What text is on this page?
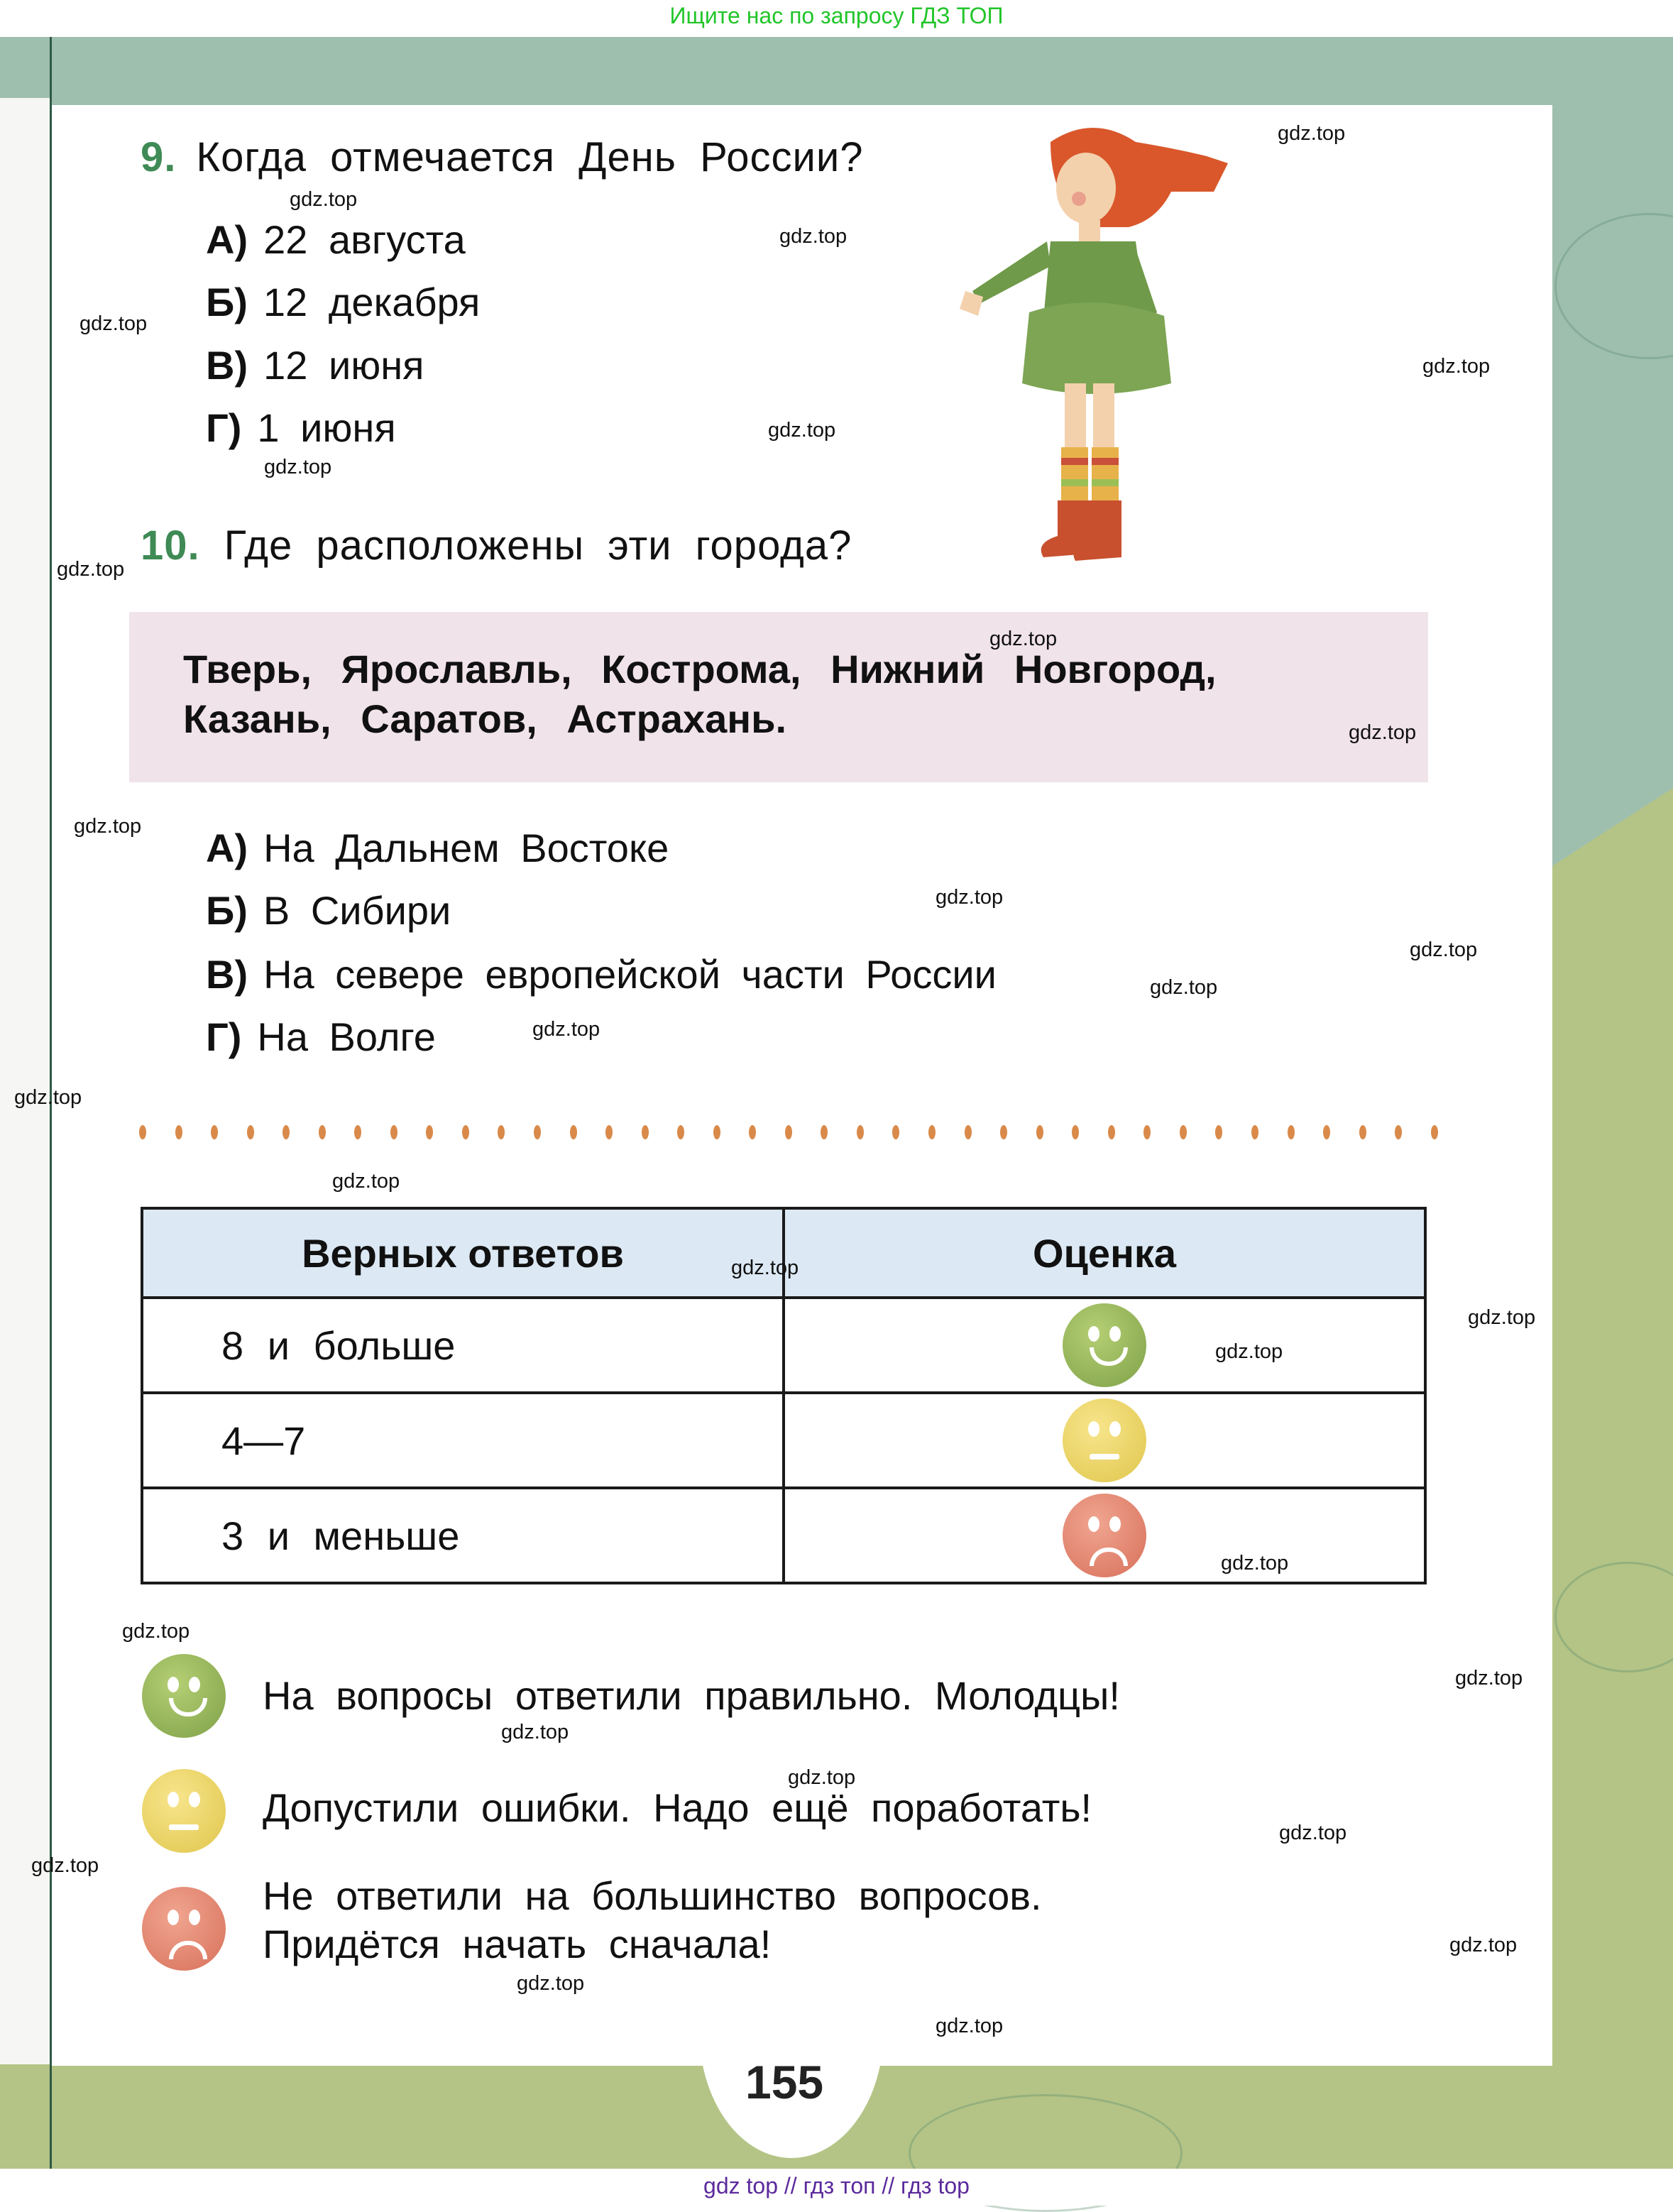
Ищите нас по запросу ГДЗ ТОП
9. Когда отмечается День России?
А) 22 августа
Б) 12 декабря
В) 12 июня
Г) 1 июня
10. Где расположены эти города?
Тверь, Ярославль, Кострома, Нижний Новгород,
Казань, Саратов, Астрахань.
А) На Дальнем Востоке
Б) В Сибири
В) На севере европейской части России
Г) На Волге
Верных ответов	Оценка
8 и больше	

4—7	

3 и меньше	
На вопросы ответили правильно. Молодцы!
Допустили ошибки. Надо ещё поработать!
Не ответили на большинство вопросов.
Придётся начать сначала!
155
gdz.top
gdz.top
gdz.top
gdz.top
gdz.top
gdz.top
gdz.top
gdz.top
gdz.top
gdz.top
gdz.top
gdz.top
gdz.top
gdz.top
gdz.top
gdz.top
gdz.top
gdz.top
gdz.top
gdz.top
gdz.top
gdz.top
gdz.top
gdz.top
gdz.top
gdz.top
gdz.top
gdz.top
gdz.top
gdz.top
gdz top // гдз топ // гдз top
